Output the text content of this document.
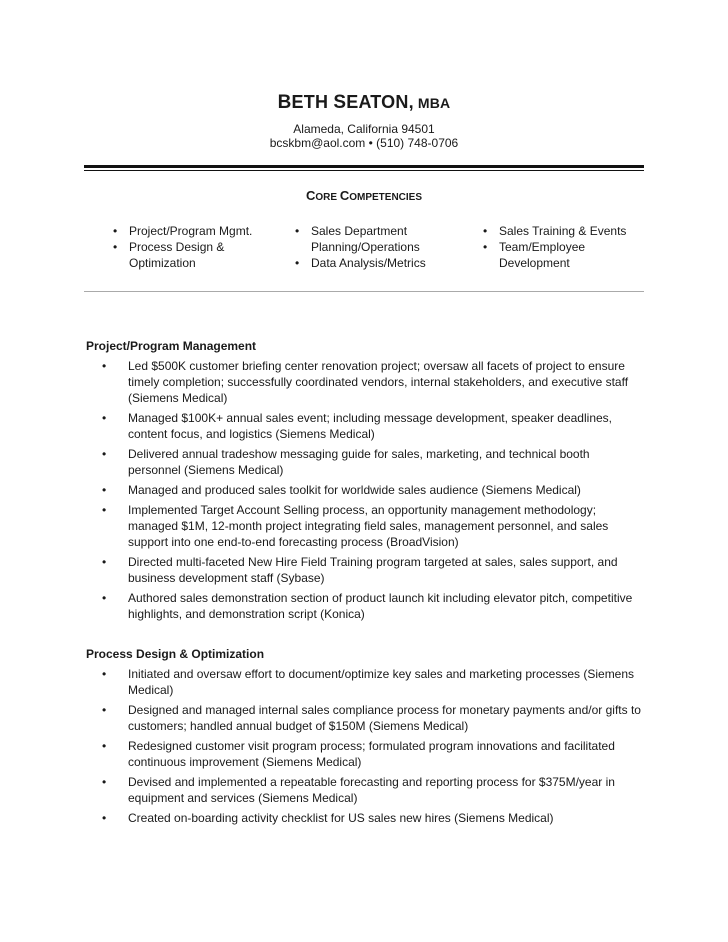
BETH SEATON, MBA
Alameda, California 94501
bcskbm@aol.com • (510) 748-0706
CORE COMPETENCIES
• Project/Program Mgmt.
• Process Design & Optimization
• Sales Department Planning/Operations
• Data Analysis/Metrics
• Sales Training & Events
• Team/Employee Development
Project/Program Management
• Led $500K customer briefing center renovation project; oversaw all facets of project to ensure timely completion; successfully coordinated vendors, internal stakeholders, and executive staff (Siemens Medical)
• Managed $100K+ annual sales event; including message development, speaker deadlines, content focus, and logistics (Siemens Medical)
• Delivered annual tradeshow messaging guide for sales, marketing, and technical booth personnel (Siemens Medical)
• Managed and produced sales toolkit for worldwide sales audience (Siemens Medical)
• Implemented Target Account Selling process, an opportunity management methodology; managed $1M, 12-month project integrating field sales, management personnel, and sales support into one end-to-end forecasting process (BroadVision)
• Directed multi-faceted New Hire Field Training program targeted at sales, sales support, and business development staff (Sybase)
• Authored sales demonstration section of product launch kit including elevator pitch, competitive highlights, and demonstration script (Konica)
Process Design & Optimization
• Initiated and oversaw effort to document/optimize key sales and marketing processes (Siemens Medical)
• Designed and managed internal sales compliance process for monetary payments and/or gifts to customers; handled annual budget of $150M (Siemens Medical)
• Redesigned customer visit program process; formulated program innovations and facilitated continuous improvement (Siemens Medical)
• Devised and implemented a repeatable forecasting and reporting process for $375M/year in equipment and services (Siemens Medical)
• Created on-boarding activity checklist for US sales new hires (Siemens Medical)
